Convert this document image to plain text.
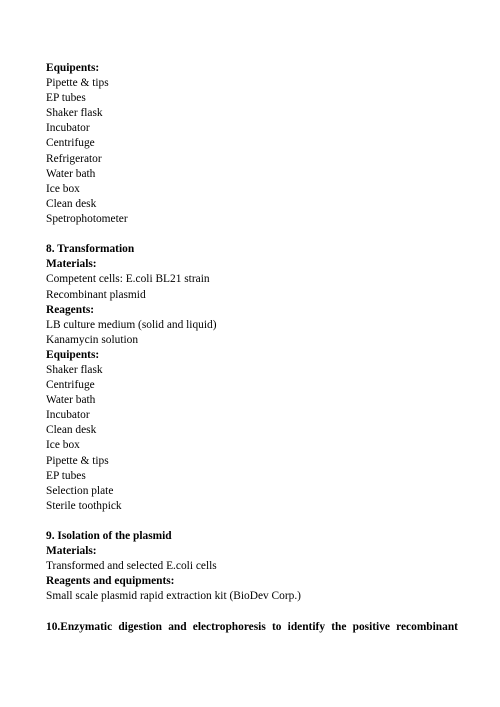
Equipents:
Pipette & tips
EP tubes
Shaker flask
Incubator
Centrifuge
Refrigerator
Water bath
Ice box
Clean desk
Spetrophotometer
8. Transformation
Materials:
Competent cells: E.coli BL21 strain
Recombinant plasmid
Reagents:
LB culture medium (solid and liquid)
Kanamycin solution
Equipents:
Shaker flask
Centrifuge
Water bath
Incubator
Clean desk
Ice box
Pipette & tips
EP tubes
Selection plate
Sterile toothpick
9. Isolation of the plasmid
Materials:
Transformed and selected E.coli cells
Reagents and equipments:
Small scale plasmid rapid extraction kit (BioDev Corp.)
10.Enzymatic digestion and electrophoresis to identify the positive recombinant
